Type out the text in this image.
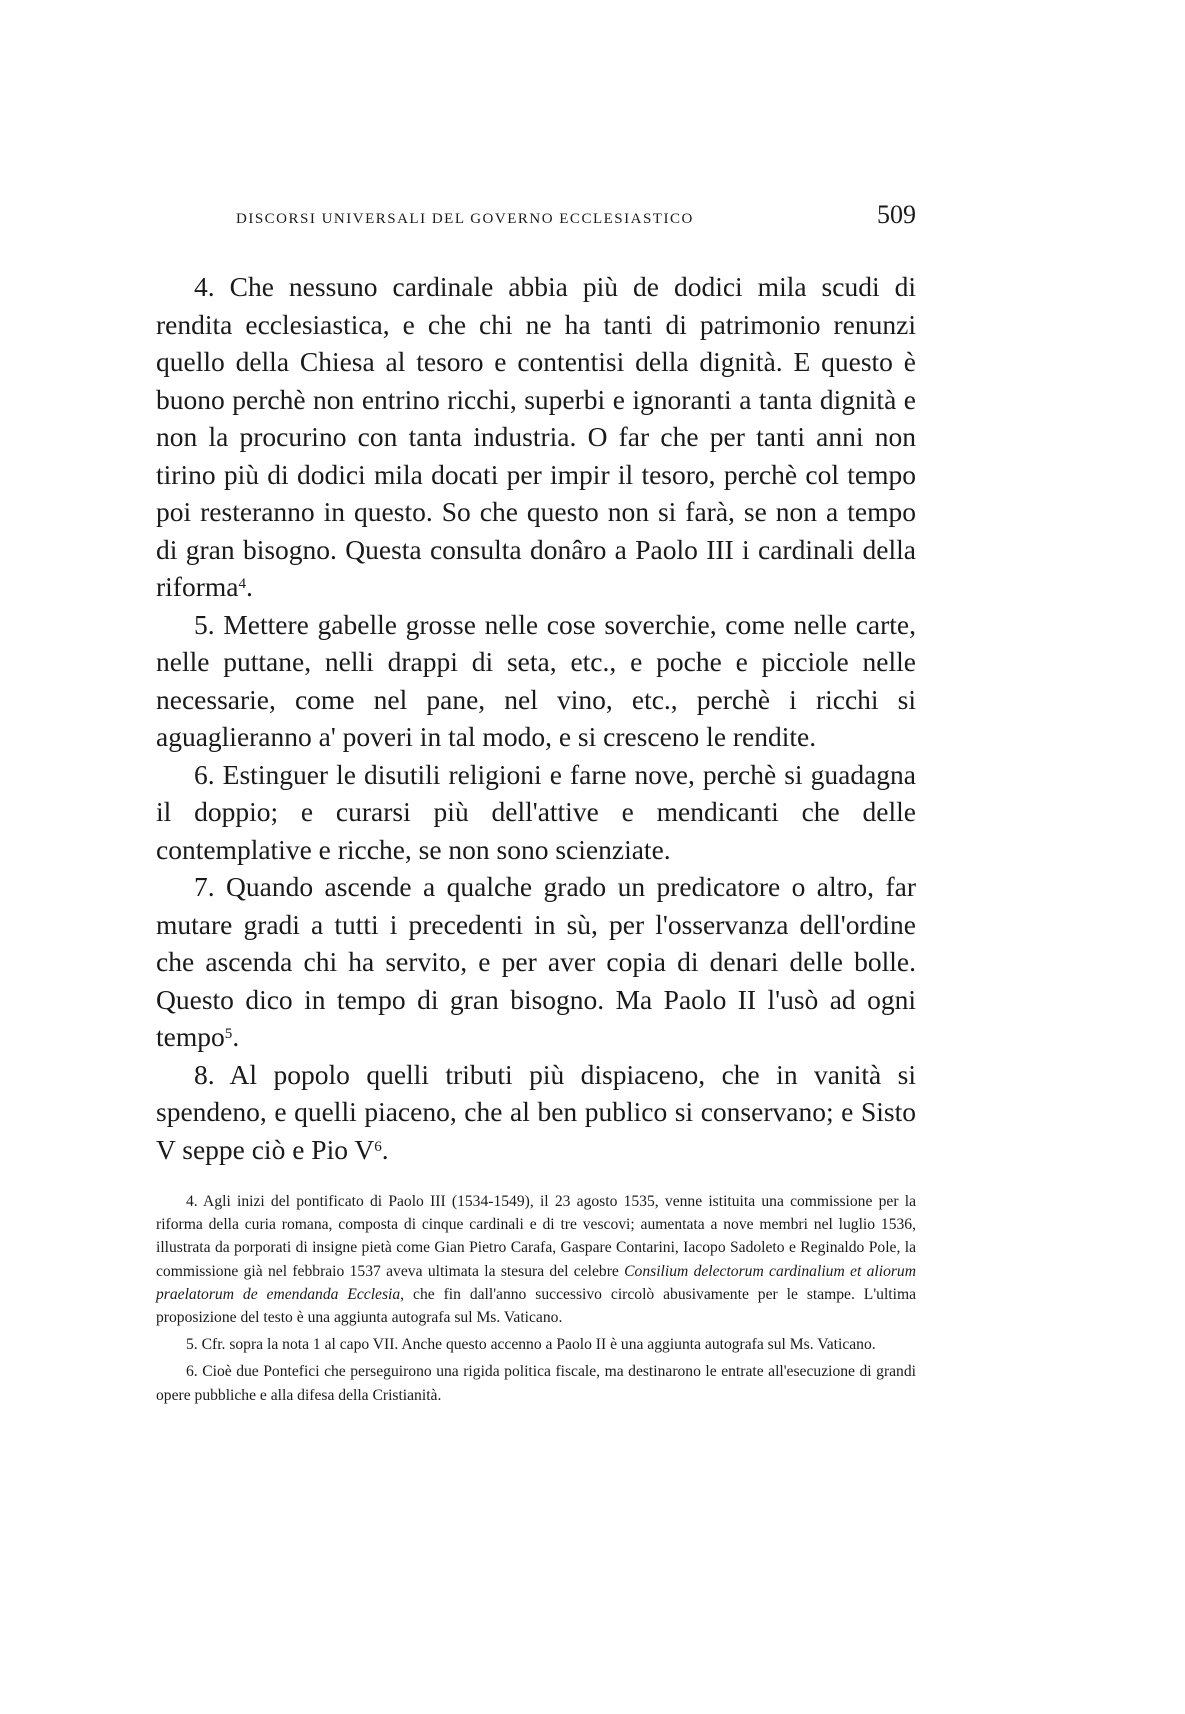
DISCORSI UNIVERSALI DEL GOVERNO ECCLESIASTICO	509

4. Che nessuno cardinale abbia più de dodici mila scudi di rendita ecclesiastica, e che chi ne ha tanti di patrimonio renunzi quello della Chiesa al tesoro e contentisi della dignità. E questo è buono perchè non entrino ricchi, superbi e ignoranti a tanta dignità e non la procurino con tanta industria. O far che per tanti anni non tirino più di dodici mila docati per impir il tesoro, perchè col tempo poi resteranno in questo. So che questo non si farà, se non a tempo di gran bisogno. Questa consulta donâro a Paolo III i cardinali della riforma$^4$.

5. Mettere gabelle grosse nelle cose soverchie, come nelle carte, nelle puttane, nelli drappi di seta, etc., e poche e picciole nelle necessarie, come nel pane, nel vino, etc., perchè i ricchi si aguaglieranno a' poveri in tal modo, e si cresceno le rendite.

6. Estinguer le disutili religioni e farne nove, perchè si guadagna il doppio; e curarsi più dell'attive e mendicanti che delle contemplative e ricche, se non sono scienziate.

7. Quando ascende a qualche grado un predicatore o altro, far mutare gradi a tutti i precedenti in sù, per l'osservanza dell'ordine che ascenda chi ha servito, e per aver copia di denari delle bolle. Questo dico in tempo di gran bisogno. Ma Paolo II l'usò ad ogni tempo$^5$.

8. Al popolo quelli tributi più dispiaceno, che in vanità si spendeno, e quelli piaceno, che al ben publico si conservano; e Sisto V seppe ciò e Pio $V^6$.

4. Agli inizi del pontificato di Paolo III (1534-1549), il 23 agosto 1535, venne istituita una commissione per la riforma della curia romana, composta di cinque cardinali e di tre vescovi; aumentata a nove membri nel luglio 1536, illustrata da porporati di insigne pietà come Gian Pietro Carafa, Gaspare Contarini, Iacopo Sadoleto e Reginaldo Pole, la commissione già nel febbraio 1537 aveva ultimata la stesura del celebre Consilium delectorum cardinalium et aliorum praelatorum de emendanda Ecclesia, che fin dall'anno successivo circolò abusivamente per le stampe. L'ultima proposizione del testo è una aggiunta autografa sul Ms. Vaticano.

5. Cfr. sopra la nota 1 al capo VII. Anche questo accenno a Paolo II è una aggiunta autografa sul Ms. Vaticano.

6. Cioè due Pontefici che perseguirono una rigida politica fiscale, ma destinarono le entrate all'esecuzione di grandi opere pubbliche e alla difesa della Cristianità.
